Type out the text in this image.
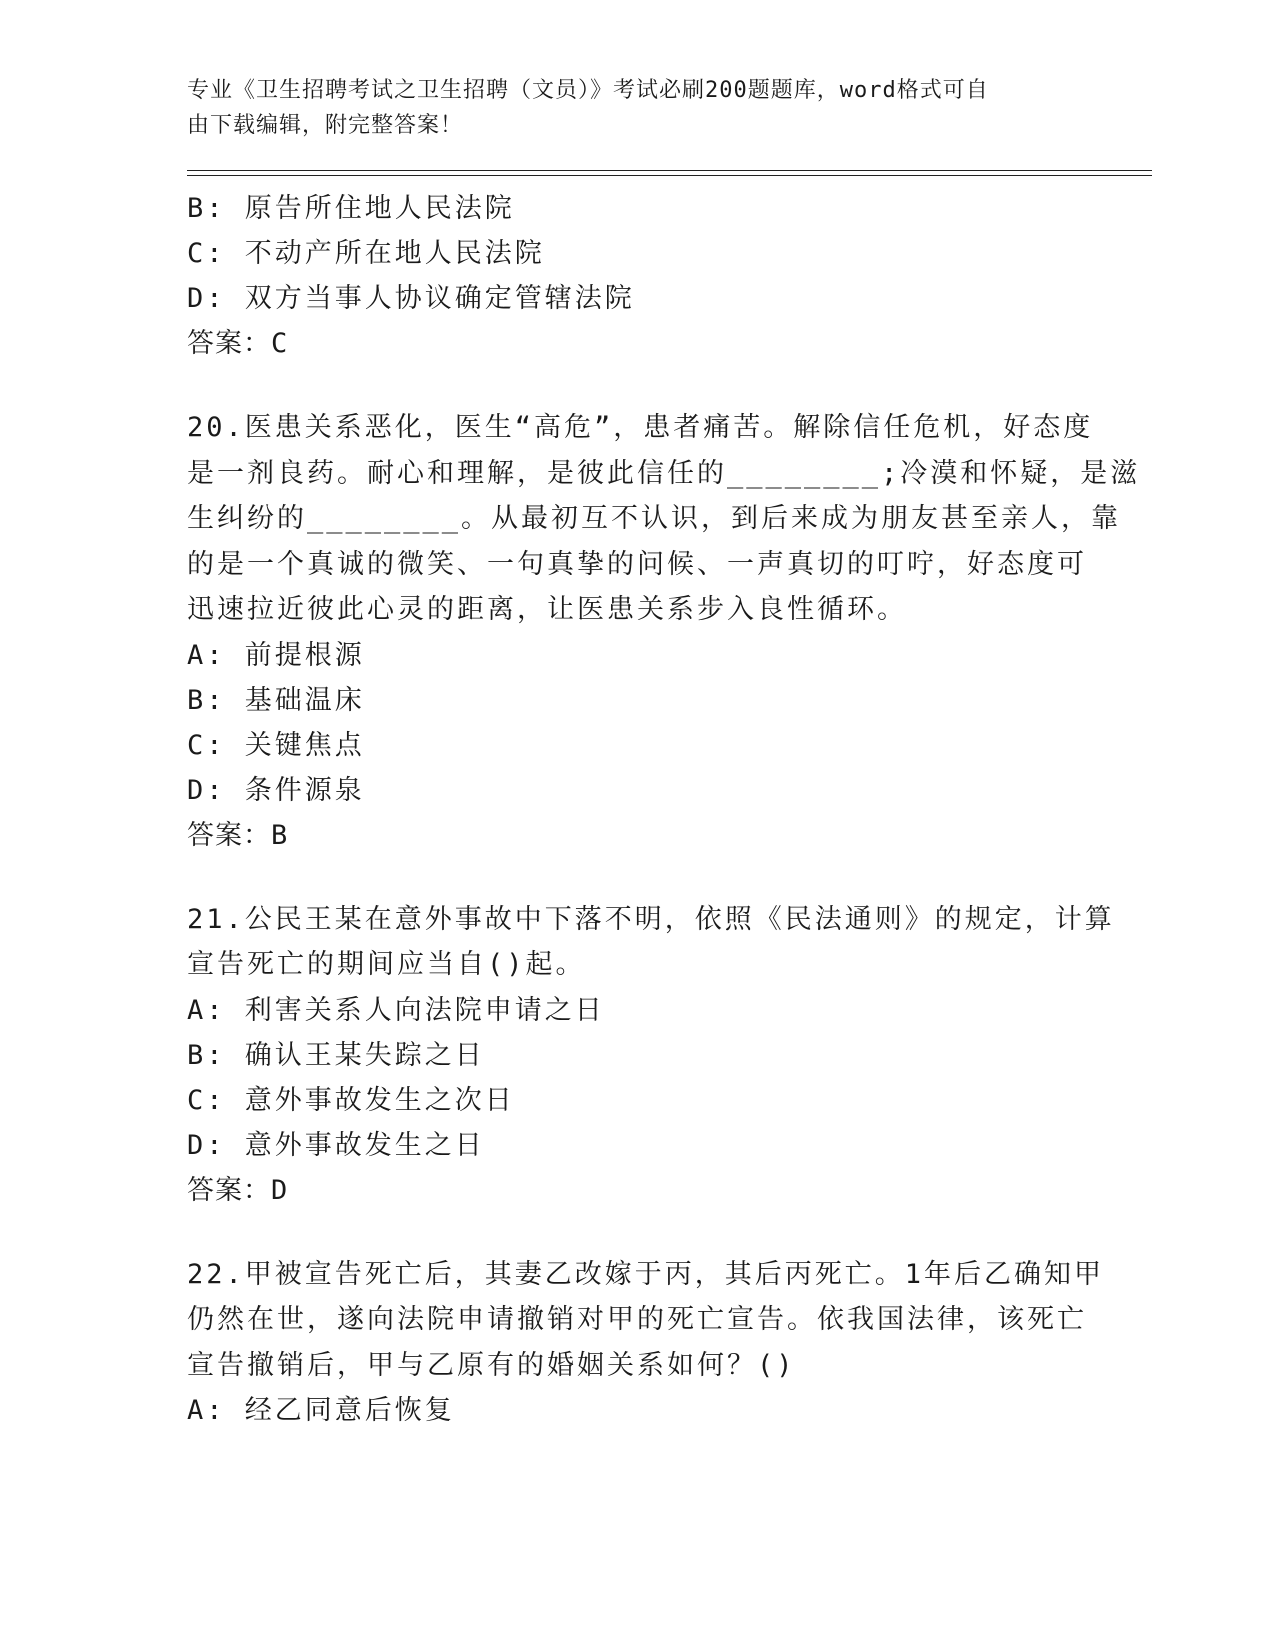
专业《卫生招聘考试之卫生招聘（文员）》考试必刷200题题库，word格式可自
由下载编辑，附完整答案！
B: 原告所住地人民法院
C: 不动产所在地人民法院
D: 双方当事人协议确定管辖法院
答案：C
20.医患关系恶化，医生“高危”，患者痛苦。解除信任危机，好态度
是一剂良药。耐心和理解，是彼此信任的________;冷漠和怀疑，是滋
生纠纷的________。从最初互不认识，到后来成为朋友甚至亲人，靠
的是一个真诚的微笑、一句真挚的问候、一声真切的叮咛，好态度可
迅速拉近彼此心灵的距离，让医患关系步入良性循环。
A: 前提根源
B: 基础温床
C: 关键焦点
D: 条件源泉
答案：B
21.公民王某在意外事故中下落不明，依照《民法通则》的规定，计算
宣告死亡的期间应当自()起。
A: 利害关系人向法院申请之日
B: 确认王某失踪之日
C: 意外事故发生之次日
D: 意外事故发生之日
答案：D
22.甲被宣告死亡后，其妻乙改嫁于丙，其后丙死亡。1年后乙确知甲
仍然在世，遂向法院申请撤销对甲的死亡宣告。依我国法律，该死亡
宣告撤销后，甲与乙原有的婚姻关系如何？()
A: 经乙同意后恢复
